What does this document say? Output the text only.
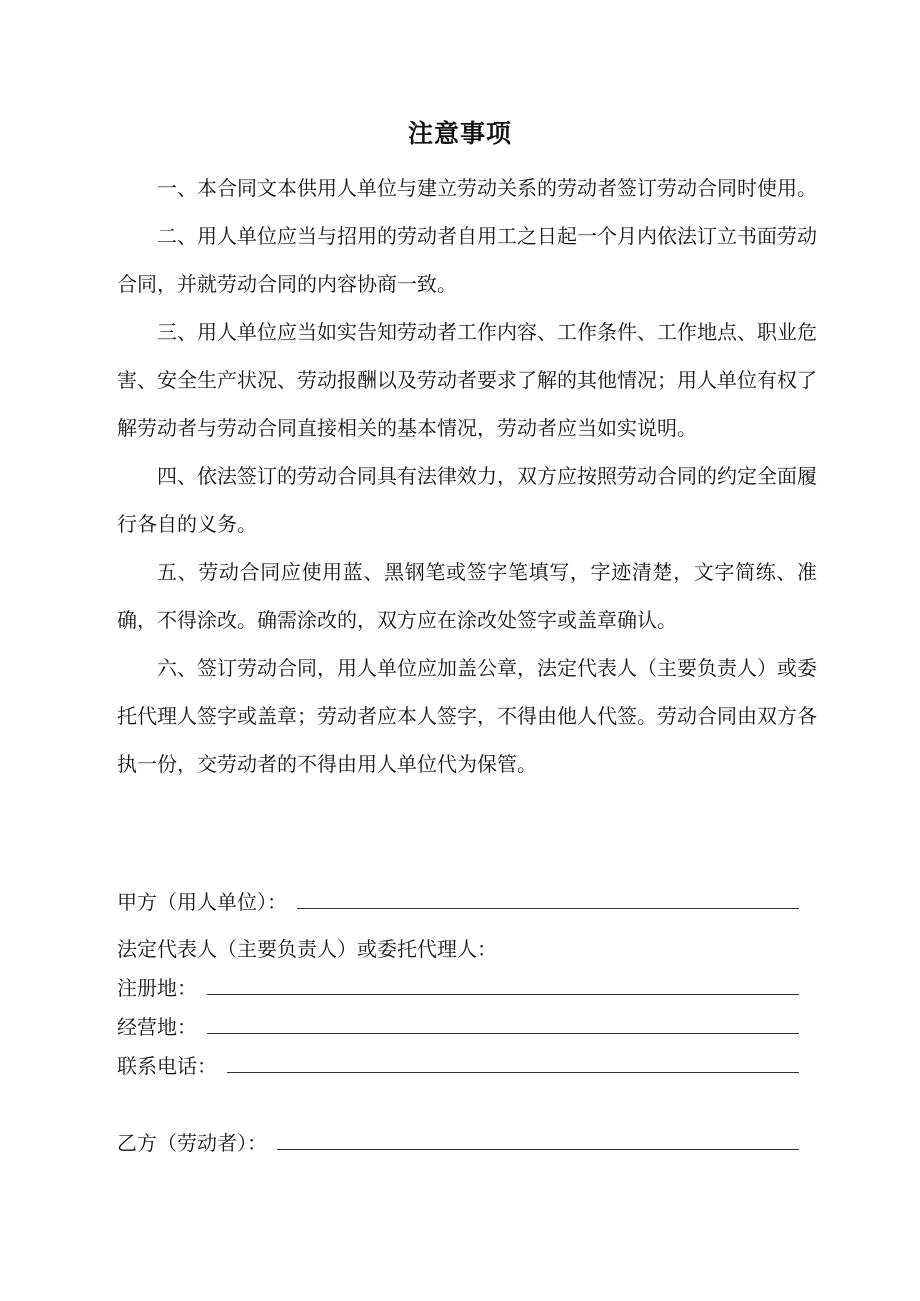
注意事项

一、本合同文本供用人单位与建立劳动关系的劳动者签订劳动合同时使用。

二、用人单位应当与招用的劳动者自用工之日起一个月内依法订立书面劳动合同，并就劳动合同的内容协商一致。

三、用人单位应当如实告知劳动者工作内容、工作条件、工作地点、职业危害、安全生产状况、劳动报酬以及劳动者要求了解的其他情况；用人单位有权了解劳动者与劳动合同直接相关的基本情况，劳动者应当如实说明。

四、依法签订的劳动合同具有法律效力，双方应按照劳动合同的约定全面履行各自的义务。

五、劳动合同应使用蓝、黑钢笔或签字笔填写，字迹清楚，文字简练、准确，不得涂改。确需涂改的，双方应在涂改处签字或盖章确认。

六、签订劳动合同，用人单位应加盖公章，法定代表人（主要负责人）或委托代理人签字或盖章；劳动者应本人签字，不得由他人代签。劳动合同由双方各执一份，交劳动者的不得由用人单位代为保管。

甲方（用人单位）：
法定代表人（主要负责人）或委托代理人：
注册地：
经营地：
联系电话：
乙方（劳动者）：
